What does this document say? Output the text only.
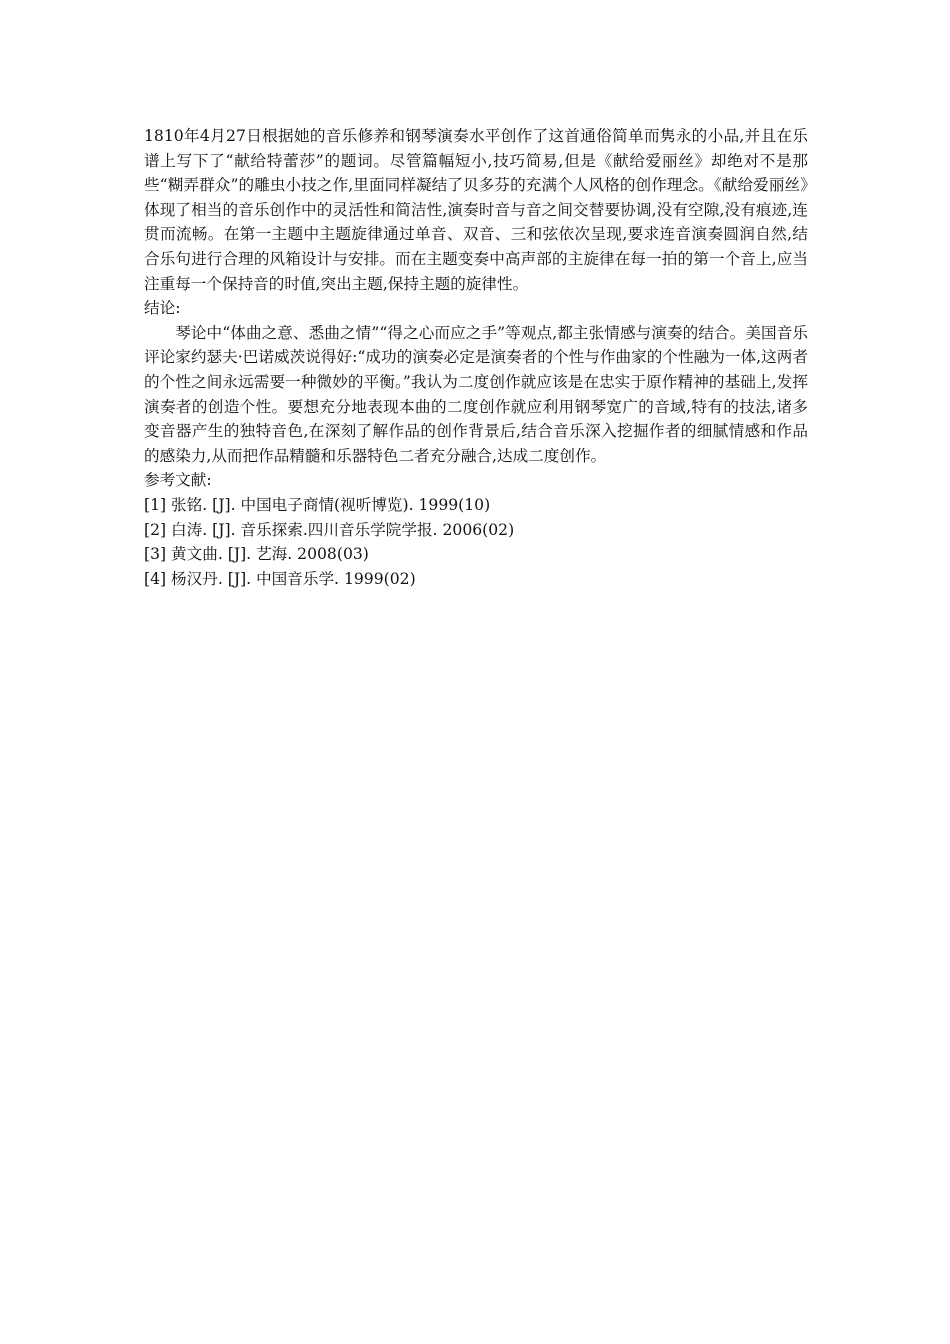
1810年4月27日根据她的音乐修养和钢琴演奏水平创作了这首通俗简单而隽永的小品,并且在乐谱上写下了“献给特蕾莎”的题词。尽管篇幅短小,技巧简易,但是《献给爱丽丝》却绝对不是那些“糊弄群众”的雕虫小技之作,里面同样凝结了贝多芬的充满个人风格的创作理念。《献给爱丽丝》体现了相当的音乐创作中的灵活性和简洁性,演奏时音与音之间交替要协调,没有空隙,没有痕迹,连贯而流畅。在第一主题中主题旋律通过单音、双音、三和弦依次呈现,要求连音演奏圆润自然,结合乐句进行合理的风箱设计与安排。而在主题变奏中高声部的主旋律在每一拍的第一个音上,应当注重每一个保持音的时值,突出主题,保持主题的旋律性。

结论:

琴论中“体曲之意、悉曲之情”“得之心而应之手”等观点,都主张情感与演奏的结合。美国音乐评论家约瑟夫·巴诺威茨说得好:“成功的演奏必定是演奏者的个性与作曲家的个性融为一体,这两者的个性之间永远需要一种微妙的平衡。”我认为二度创作就应该是在忠实于原作精神的基础上,发挥演奏者的创造个性。要想充分地表现本曲的二度创作就应利用钢琴宽广的音域,特有的技法,诸多变音器产生的独特音色,在深刻了解作品的创作背景后,结合音乐深入挖掘作者的细腻情感和作品的感染力,从而把作品精髓和乐器特色二者充分融合,达成二度创作。

参考文献:

[1] 张铭. [J]. 中国电子商情(视听博览). 1999(10)
[2] 白涛. [J]. 音乐探索.四川音乐学院学报. 2006(02)
[3] 黄文曲. [J]. 艺海. 2008(03)
[4] 杨汉丹. [J]. 中国音乐学. 1999(02)
